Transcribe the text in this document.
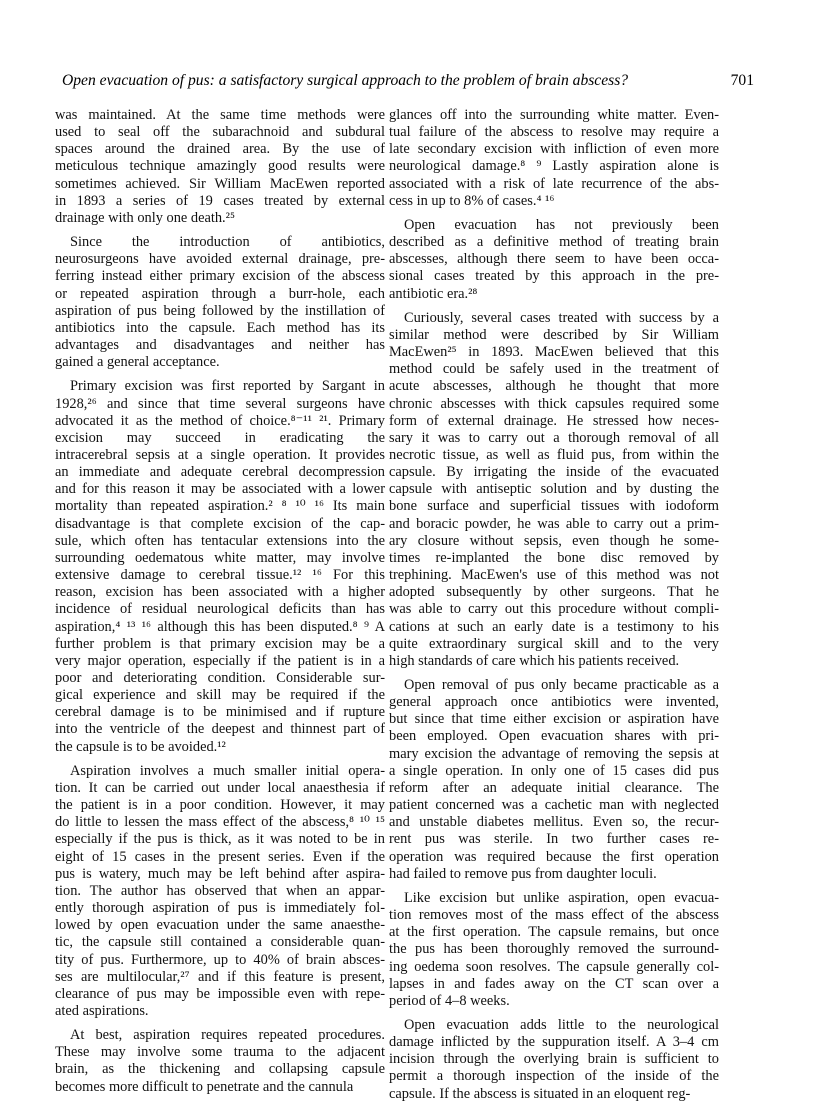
Open evacuation of pus: a satisfactory surgical approach to the problem of brain abscess?	701

was maintained. At the same time methods were
used to seal off the subarachnoid and subdural
spaces around the drained area. By the use of
meticulous technique amazingly good results were
sometimes achieved. Sir William MacEwen reported
in 1893 a series of 19 cases treated by external
drainage with only one death.²⁵

Since the introduction of antibiotics,
neurosurgeons have avoided external drainage, pre-
ferring instead either primary excision of the abscess
or repeated aspiration through a burr-hole, each
aspiration of pus being followed by the instillation of
antibiotics into the capsule. Each method has its
advantages and disadvantages and neither has
gained a general acceptance.

Primary excision was first reported by Sargant in
1928,²⁶ and since that time several surgeons have
advocated it as the method of choice.⁸⁻¹¹ ²¹. Primary
excision may succeed in eradicating the
intracerebral sepsis at a single operation. It provides
an immediate and adequate cerebral decompression
and for this reason it may be associated with a lower
mortality than repeated aspiration.² ⁸ ¹⁰ ¹⁶ Its main
disadvantage is that complete excision of the cap-
sule, which often has tentacular extensions into the
surrounding oedematous white matter, may involve
extensive damage to cerebral tissue.¹² ¹⁶ For this
reason, excision has been associated with a higher
incidence of residual neurological deficits than has
aspiration,⁴ ¹³ ¹⁶ although this has been disputed.⁸ ⁹ A
further problem is that primary excision may be a
very major operation, especially if the patient is in a
poor and deteriorating condition. Considerable sur-
gical experience and skill may be required if the
cerebral damage is to be minimised and if rupture
into the ventricle of the deepest and thinnest part of
the capsule is to be avoided.¹²

Aspiration involves a much smaller initial opera-
tion. It can be carried out under local anaesthesia if
the patient is in a poor condition. However, it may
do little to lessen the mass effect of the abscess,⁸ ¹⁰ ¹⁵
especially if the pus is thick, as it was noted to be in
eight of 15 cases in the present series. Even if the
pus is watery, much may be left behind after aspira-
tion. The author has observed that when an appar-
ently thorough aspiration of pus is immediately fol-
lowed by open evacuation under the same anaesthe-
tic, the capsule still contained a considerable quan-
tity of pus. Furthermore, up to 40% of brain absces-
ses are multilocular,²⁷ and if this feature is present,
clearance of pus may be impossible even with repe-
ated aspirations.

At best, aspiration requires repeated procedures.
These may involve some trauma to the adjacent
brain, as the thickening and collapsing capsule
becomes more difficult to penetrate and the cannula

glances off into the surrounding white matter. Even-
tual failure of the abscess to resolve may require a
late secondary excision with infliction of even more
neurological damage.⁸ ⁹ Lastly aspiration alone is
associated with a risk of late recurrence of the abs-
cess in up to 8% of cases.⁴ ¹⁶

Open evacuation has not previously been
described as a definitive method of treating brain
abscesses, although there seem to have been occa-
sional cases treated by this approach in the pre-
antibiotic era.²⁸

Curiously, several cases treated with success by a
similar method were described by Sir William
MacEwen²⁵ in 1893. MacEwen believed that this
method could be safely used in the treatment of
acute abscesses, although he thought that more
chronic abscesses with thick capsules required some
form of external drainage. He stressed how neces-
sary it was to carry out a thorough removal of all
necrotic tissue, as well as fluid pus, from within the
capsule. By irrigating the inside of the evacuated
capsule with antiseptic solution and by dusting the
bone surface and superficial tissues with iodoform
and boracic powder, he was able to carry out a prim-
ary closure without sepsis, even though he some-
times re-implanted the bone disc removed by
trephining. MacEwen's use of this method was not
adopted subsequently by other surgeons. That he
was able to carry out this procedure without compli-
cations at such an early date is a testimony to his
quite extraordinary surgical skill and to the very
high standards of care which his patients received.

Open removal of pus only became practicable as a
general approach once antibiotics were invented,
but since that time either excision or aspiration have
been employed. Open evacuation shares with pri-
mary excision the advantage of removing the sepsis at
a single operation. In only one of 15 cases did pus
reform after an adequate initial clearance. The
patient concerned was a cachetic man with neglected
and unstable diabetes mellitus. Even so, the recur-
rent pus was sterile. In two further cases re-
operation was required because the first operation
had failed to remove pus from daughter loculi.

Like excision but unlike aspiration, open evacua-
tion removes most of the mass effect of the abscess
at the first operation. The capsule remains, but once
the pus has been thoroughly removed the surround-
ing oedema soon resolves. The capsule generally col-
lapses in and fades away on the CT scan over a
period of 4–8 weeks.

Open evacuation adds little to the neurological
damage inflicted by the suppuration itself. A 3–4 cm
incision through the overlying brain is sufficient to
permit a thorough inspection of the inside of the
capsule. If the abscess is situated in an eloquent reg-
